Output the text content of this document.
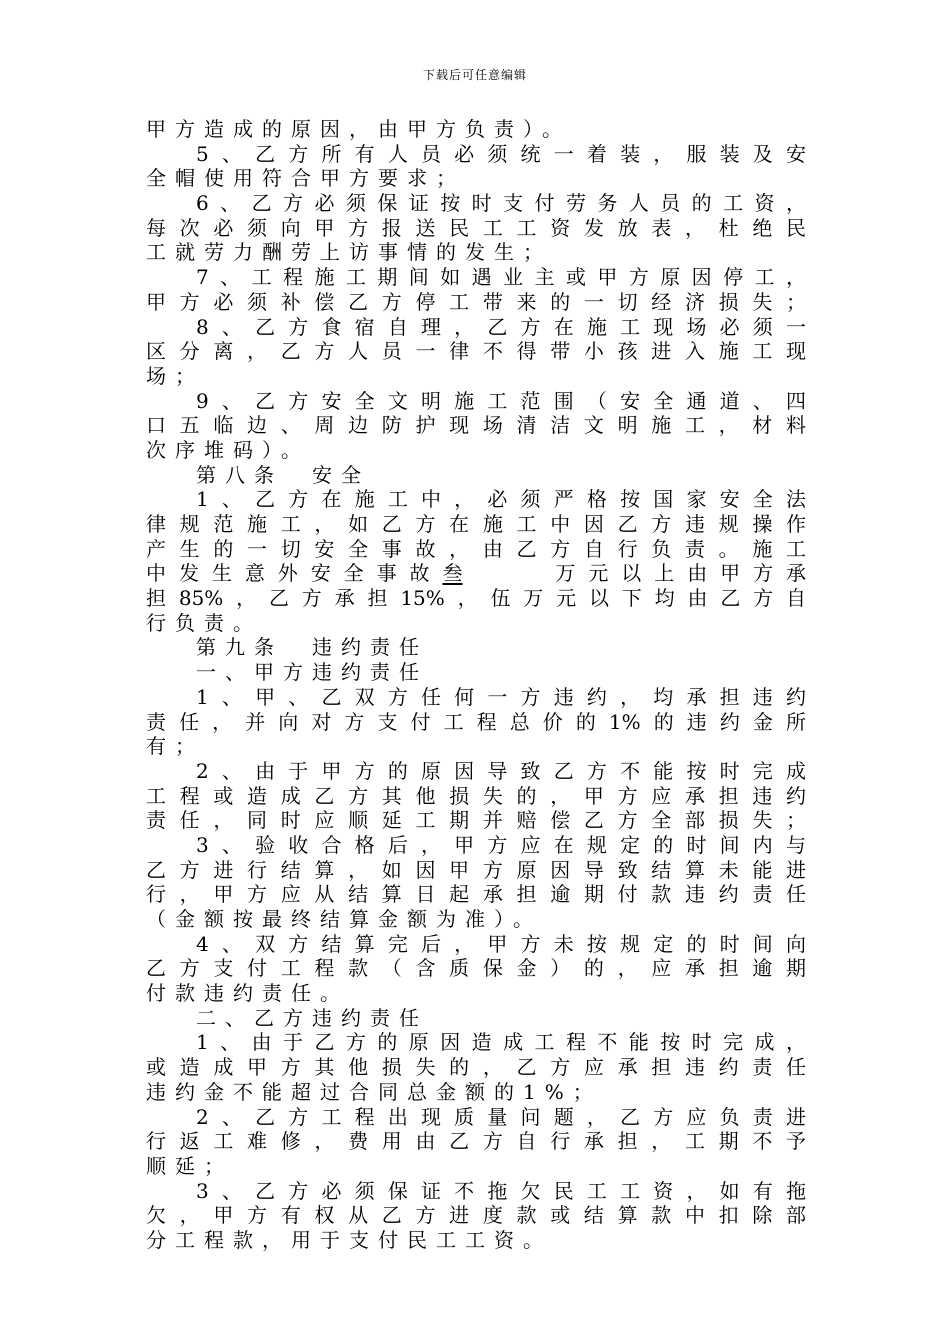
下载后可任意编辑
甲方造成的原因，由甲方负责）。
5、乙方所有人员必须统一着装，服装及安
全帽使用符合甲方要求；
6、乙方必须保证按时支付劳务人员的工资，
每次必须向甲方报送民工工资发放表，杜绝民
工就劳力酬劳上访事情的发生；
7、工程施工期间如遇业主或甲方原因停工，
甲方必须补偿乙方停工带来的一切经济损失；
8、乙方食宿自理，乙方在施工现场必须一
区分离，乙方人员一律不得带小孩进入施工现
场；
9、乙方安全文明施工范围（安全通道、四
口五临边、周边防护现场清洁文明施工，材料
次序堆码）。
第八条　安全
1、乙方在施工中，必须严格按国家安全法
律规范施工，如乙方在施工中因乙方违规操作
产生的一切安全事故，由乙方自行负责。施工
中发生意外安全事故叁	万元以上由甲方承
担85%，乙方承担15%，伍万元以下均由乙方自
行负责。
第九条　违约责任
一、甲方违约责任
1、甲、乙双方任何一方违约，均承担违约
责任，并向对方支付工程总价的1%的违约金所
有；
2、由于甲方的原因导致乙方不能按时完成
工程或造成乙方其他损失的，甲方应承担违约
责任，同时应顺延工期并赔偿乙方全部损失；
3、验收合格后，甲方应在规定的时间内与
乙方进行结算，如因甲方原因导致结算未能进
行，甲方应从结算日起承担逾期付款违约责任
（金额按最终结算金额为准）。
4、双方结算完后，甲方未按规定的时间向
乙方支付工程款（含质保金）的，应承担逾期
付款违约责任。
二、乙方违约责任
1、由于乙方的原因造成工程不能按时完成，
或造成甲方其他损失的，乙方应承担违约责任
违约金不能超过合同总金额的1%；
2、乙方工程出现质量问题，乙方应负责进
行返工难修，费用由乙方自行承担，工期不予
顺延；
3、乙方必须保证不拖欠民工工资，如有拖
欠，甲方有权从乙方进度款或结算款中扣除部
分工程款，用于支付民工工资。
